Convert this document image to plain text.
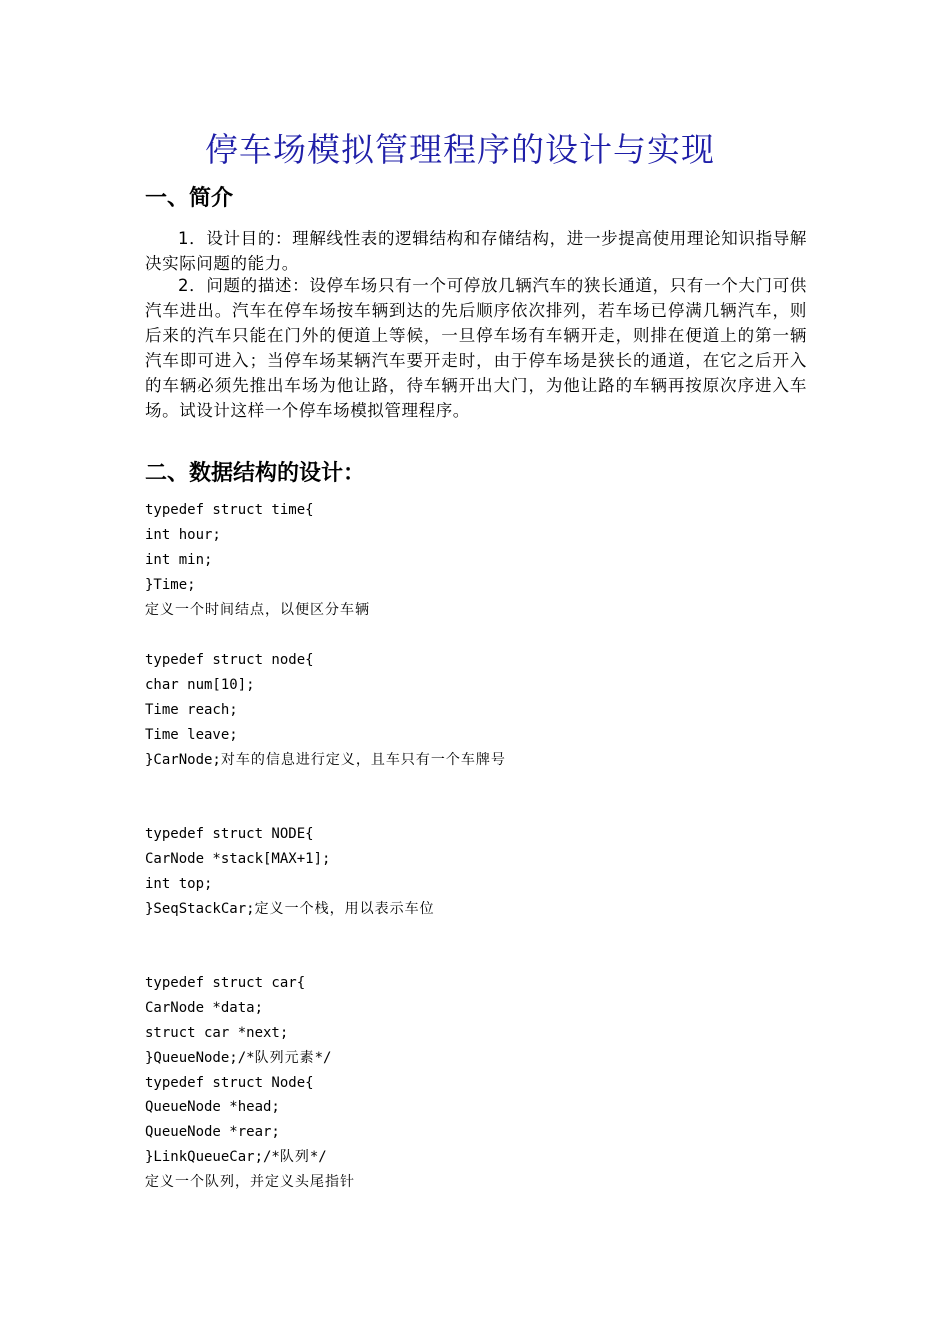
停车场模拟管理程序的设计与实现
一、简介
1．设计目的：理解线性表的逻辑结构和存储结构，进一步提高使用理论知识指导解决实际问题的能力。
2．问题的描述：设停车场只有一个可停放几辆汽车的狭长通道，只有一个大门可供汽车进出。汽车在停车场按车辆到达的先后顺序依次排列，若车场已停满几辆汽车，则后来的汽车只能在门外的便道上等候，一旦停车场有车辆开走，则排在便道上的第一辆汽车即可进入；当停车场某辆汽车要开走时，由于停车场是狭长的通道，在它之后开入的车辆必须先推出车场为他让路，待车辆开出大门，为他让路的车辆再按原次序进入车场。试设计这样一个停车场模拟管理程序。
二、数据结构的设计：
typedef struct time{
int hour;
int min;
}Time;
定义一个时间结点，以便区分车辆
typedef struct node{
char num[10];
Time reach;
Time leave;
}CarNode;对车的信息进行定义，且车只有一个车牌号
typedef struct NODE{
CarNode *stack[MAX+1];
int top;
}SeqStackCar;定义一个栈，用以表示车位
typedef struct car{
CarNode *data;
struct car *next;
}QueueNode;/*队列元素*/
typedef struct Node{
QueueNode *head;
QueueNode *rear;
}LinkQueueCar;/*队列*/
定义一个队列，并定义头尾指针
